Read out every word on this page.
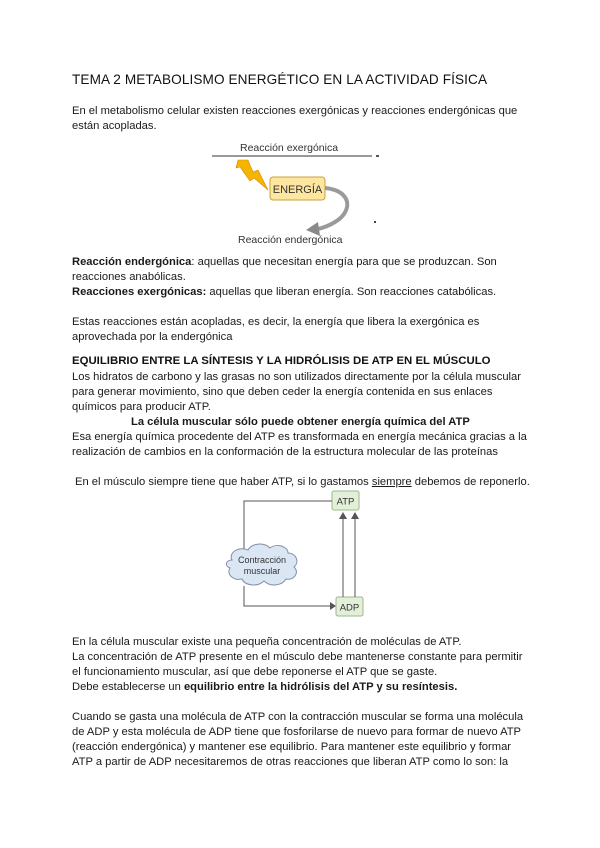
TEMA 2 METABOLISMO ENERGÉTICO EN LA ACTIVIDAD FÍSICA
En el metabolismo celular existen reacciones exergónicas y reacciones endergónicas que
están acopladas.
Reacción exergónica
ENERGÍA
Reacción endergónica
Reacción endergónica: aquellas que necesitan energía para que se produzcan. Son
reacciones anabólicas.
Reacciones exergónicas: aquellas que liberan energía. Son reacciones catabólicas.
Estas reacciones están acopladas, es decir, la energía que libera la exergónica es
aprovechada por la endergónica
EQUILIBRIO ENTRE LA SÍNTESIS Y LA HIDRÓLISIS DE ATP EN EL MÚSCULO
Los hidratos de carbono y las grasas no son utilizados directamente por la célula muscular
para generar movimiento, sino que deben ceder la energía contenida en sus enlaces
químicos para producir ATP.
La célula muscular sólo puede obtener energía química del ATP
Esa energía química procedente del ATP es transformada en energía mecánica gracias a la
realización de cambios en la conformación de la estructura molecular de las proteínas
En el músculo siempre tiene que haber ATP, si lo gastamos siempre debemos de reponerlo.
ATP
Contracción
muscular
ADP
En la célula muscular existe una pequeña concentración de moléculas de ATP.
La concentración de ATP presente en el músculo debe mantenerse constante para permitir
el funcionamiento muscular, así que debe reponerse el ATP que se gaste.
Debe establecerse un equilibrio entre la hidrólisis del ATP y su resíntesis.
Cuando se gasta una molécula de ATP con la contracción muscular se forma una molécula
de ADP y esta molécula de ADP tiene que fosforilarse de nuevo para formar de nuevo ATP
(reacción endergónica) y mantener ese equilibrio. Para mantener este equilibrio y formar
ATP a partir de ADP necesitaremos de otras reacciones que liberan ATP como lo son: la
